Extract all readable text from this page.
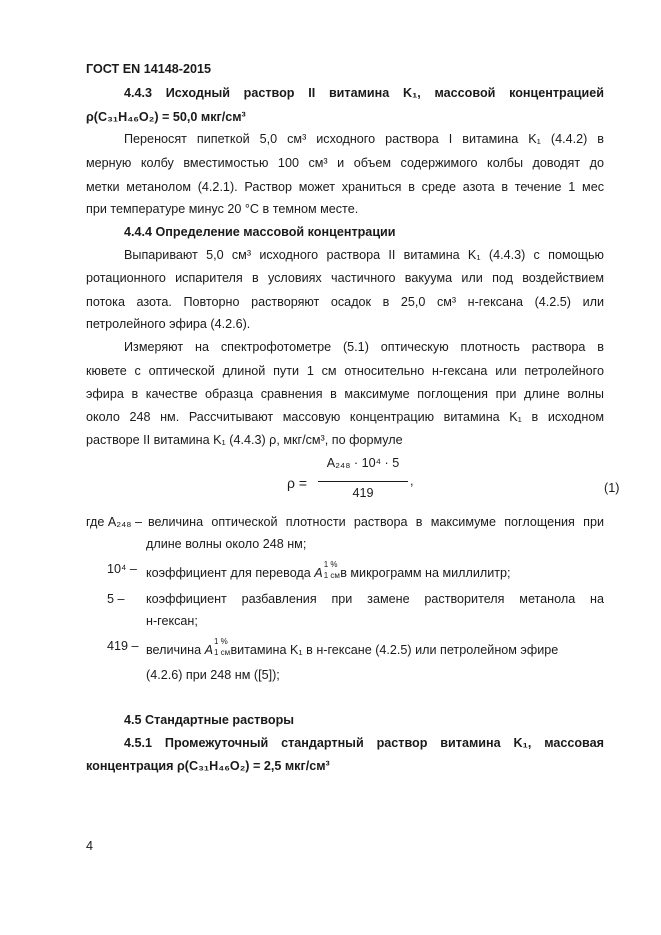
ГОСТ EN 14148-2015
4.4.3 Исходный раствор II витамина K₁, массовой концентрацией
ρ(C₃₁H₄₆O₂) = 50,0 мкг/см³
Переносят пипеткой 5,0 см³ исходного раствора I витамина K₁ (4.4.2) в
мерную колбу вместимостью 100 см³ и объем содержимого колбы доводят до
метки метанолом (4.2.1). Раствор может храниться в среде азота в течение 1 мес
при температуре минус 20 °C в темном месте.
4.4.4 Определение массовой концентрации
Выпаривают 5,0 см³ исходного раствора II витамина K₁ (4.4.3) с помощью
ротационного испарителя в условиях частичного вакуума или под воздействием
потока азота. Повторно растворяют осадок в 25,0 см³ н-гексана (4.2.5) или
петролейного эфира (4.2.6).
Измеряют на спектрофотометре (5.1) оптическую плотность раствора в
кювете с оптической длиной пути 1 см относительно н-гексана или петролейного
эфира в качестве образца сравнения в максимуме поглощения при длине волны
около 248 нм. Рассчитывают массовую концентрацию витамина K₁ в исходном
растворе II витамина K₁ (4.4.3) ρ, мкг/см³, по формуле
ρ =
A₂₄₈ · 10⁴ · 5
419
,	(1)
где A₂₄₈ – величина оптической плотности раствора в максимуме поглощения при
длине волны около 248 нм;
10⁴ – коэффициент для перевода A
1 %
1 см в микрограмм на миллилитр;
5 – коэффициент разбавления при замене растворителя метанола на
н-гексан;
419 – величина A
1 %
1 см витамина K₁ в н-гексане (4.2.5) или петролейном эфире
(4.2.6) при 248 нм ([5]);
4.5 Стандартные растворы
4.5.1 Промежуточный стандартный раствор витамина K₁, массовая
концентрация ρ(C₃₁H₄₆O₂) = 2,5 мкг/см³
4
